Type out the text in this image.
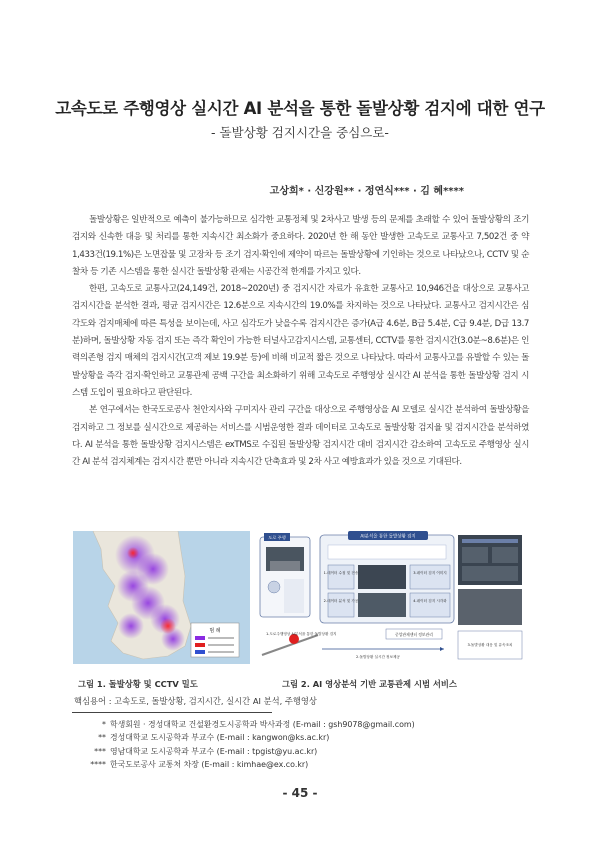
고속도로 주행영상 실시간 AI 분석을 통한 돌발상황 검지에 대한 연구
- 돌발상황 검지시간을 중심으로-
고상희* · 신강원** · 정연식*** · 김 혜****

돌발상황은 일반적으로 예측이 불가능하므로 심각한 교통정체 및 2차사고 발생 등의 문제를 초래할 수 있어 돌발상황의 조기 검지와 신속한 대응 및 처리를 통한 지속시간 최소화가 중요하다. 2020년 한 해 동안 발생한 고속도로 교통사고 7,502건 중 약 1,433건(19.1%)은 노면잡물 및 고장차 등 조기 검지·확인에 제약이 따르는 돌발상황에 기인하는 것으로 나타났으나, CCTV 및 순찰차 등 기존 시스템을 통한 실시간 돌발상황 관제는 시공간적 한계를 가지고 있다.

한편, 고속도로 교통사고(24,149건, 2018~2020년) 중 검지시간 자료가 유효한 교통사고 10,946건을 대상으로 교통사고 검지시간을 분석한 결과, 평균 검지시간은 12.6분으로 지속시간의 19.0%를 차지하는 것으로 나타났다. 교통사고 검지시간은 심각도와 검지매체에 따른 특성을 보이는데, 사고 심각도가 낮을수록 검지시간은 증가(A급 4.6분, B급 5.4분, C급 9.4분, D급 13.7분)하며, 돌발상황 자동 검지 또는 즉각 확인이 가능한 터널사고감지시스템, 교통센터, CCTV를 통한 검지시간(3.0분~8.6분)은 인력의존형 검지 매체의 검지시간(고객 제보 19.9분 등)에 비해 비교적 짧은 것으로 나타났다. 따라서 교통사고를 유발할 수 있는 돌발상황을 즉각 검지·확인하고 교통관제 공백 구간을 최소화하기 위해 고속도로 주행영상 실시간 AI 분석을 통한 돌발상황 검지 시스템 도입이 필요하다고 판단된다.

본 연구에서는 한국도로공사 천안지사와 구미지사 관리 구간을 대상으로 주행영상을 AI 모델로 실시간 분석하여 돌발상황을 검지하고 그 정보를 실시간으로 제공하는 서비스를 시범운영한 결과 데이터로 고속도로 돌발상황 검지율 및 검지시간을 분석하였다. AI 분석을 통한 돌발상황 검지시스템은 exTMS로 수집된 돌발상황 검지시간 대비 검지시간 감소하여 고속도로 주행영상 실시간 AI 분석 검지체계는 검지시간 뿐만 아니라 지속시간 단축효과 및 2차 사고 예방효과가 있을 것으로 기대된다.

범 례
도로 주행	AI분석을 통한 돌발상황 검지
1.데이터 수집 및 전송
2.데이터 분석 및 가공
3.데이터 검지 이미지
4.데이터 검지 시각화
1.도로주행영상 AI분석을 통한 돌발상황 검지	중앙관제센터 정보관리
2.돌발상황 실시간 정보제공
3.돌발상황 대응 및 유속조치
그림 1. 돌발상황 및 CCTV 밀도	그림 2. AI 영상분석 기반 교통관제 시범 서비스
핵심용어 : 고속도로, 돌발상황, 검지시간, 실시간 AI 분석, 주행영상
* 학생회원 · 경성대학교 건설환경도시공학과 박사과정 (E-mail : gsh9078@gmail.com)
** 경성대학교 도시공학과 부교수 (E-mail : kangwon@ks.ac.kr)
*** 영남대학교 도시공학과 부교수 (E-mail : tpgist@yu.ac.kr)
**** 한국도로공사 교통처 차장 (E-mail : kimhae@ex.co.kr)
- 45 -
